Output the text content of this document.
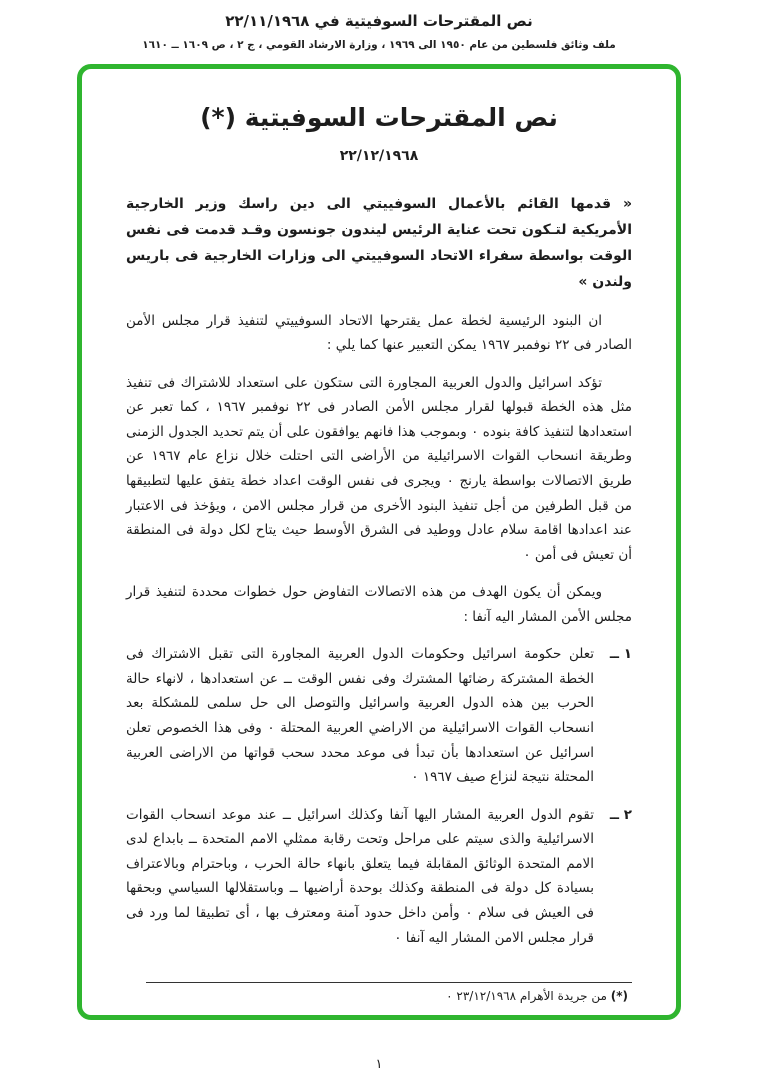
نص المقترحات السوفيتية في ٢٢/١١/١٩٦٨
ملف وثائق فلسطين من عام ١٩٥٠ الى ١٩٦٩ ، وزارة الارشاد القومي ، ج ٢ ، ص ١٦٠٩ ــ ١٦١٠
نص المقترحات السوفيتية (*)
٢٢/١٢/١٩٦٨

« قدمها القائم بالأعمال السوفييتي الى دين راسك وزير الخارجية الأمريكية لتـكون تحت عناية الرئيس ليندون جونسون وقـد قدمت فى نفس الوقت بواسطة سفراء الاتحاد السوفييتي الى وزارات الخارجية فى باريس ولندن »

ان البنود الرئيسية لخطة عمل يقترحها الاتحاد السوفييتي لتنفيذ قرار مجلس الأمن الصادر فى ٢٢ نوفمبر ١٩٦٧ يمكن التعبير عنها كما يلي :

تؤكد اسرائيل والدول العربية المجاورة التى ستكون على استعداد للاشتراك فى تنفيذ مثل هذه الخطة قبولها لقرار مجلس الأمن الصادر فى ٢٢ نوفمبر ١٩٦٧ ، كما تعبر عن استعدادها لتنفيذ كافة بنوده ٠ وبموجب هذا فانهم يوافقون على أن يتم تحديد الجدول الزمنى وطريقة انسحاب القوات الاسرائيلية من الأراضى التى احتلت خلال نزاع عام ١٩٦٧ عن طريق الاتصالات بواسطة يارنج ٠ ويجرى فى نفس الوقت اعداد خطة يتفق عليها لتطبيقها من قبل الطرفين من أجل تنفيذ البنود الأخرى من قرار مجلس الامن ، ويؤخذ فى الاعتبار عند اعدادها اقامة سلام عادل ووطيد فى الشرق الأوسط حيث يتاح لكل دولة فى المنطقة أن تعيش فى أمن ٠

ويمكن أن يكون الهدف من هذه الاتصالات التفاوض حول خطوات محددة لتنفيذ قرار مجلس الأمن المشار اليه آنفا :

١ ــ
تعلن حكومة اسرائيل وحكومات الدول العربية المجاورة التى تقبل الاشتراك فى الخطة المشتركة رضائها المشترك وفى نفس الوقت ــ عن استعدادها ، لانهاء حالة الحرب بين هذه الدول العربية واسرائيل والتوصل الى حل سلمى للمشكلة بعد انسحاب القوات الاسرائيلية من الاراضي العربية المحتلة ٠ وفى هذا الخصوص تعلن اسرائيل عن استعدادها بأن تبدأ فى موعد محدد سحب قواتها من الاراضى العربية المحتلة نتيجة لنزاع صيف ١٩٦٧ ٠
٢ ــ
تقوم الدول العربية المشار اليها آنفا وكذلك اسرائيل ــ عند موعد انسحاب القوات الاسرائيلية والذى سيتم على مراحل وتحت رقابة ممثلي الامم المتحدة ــ بابداع لدى الامم المتحدة الوثائق المقابلة فيما يتعلق بانهاء حالة الحرب ، وباحترام وبالاعتراف بسيادة كل دولة فى المنطقة وكذلك بوحدة أراضيها ــ وباستقلالها السياسي وبحقها فى العيش فى سلام ٠ وأمن داخل حدود آمنة ومعترف بها ، أى تطبيقا لما ورد فى قرار مجلس الامن المشار اليه آنفا ٠
(*) من جريدة الأهرام ٢٣/١٢/١٩٦٨ ٠
١
